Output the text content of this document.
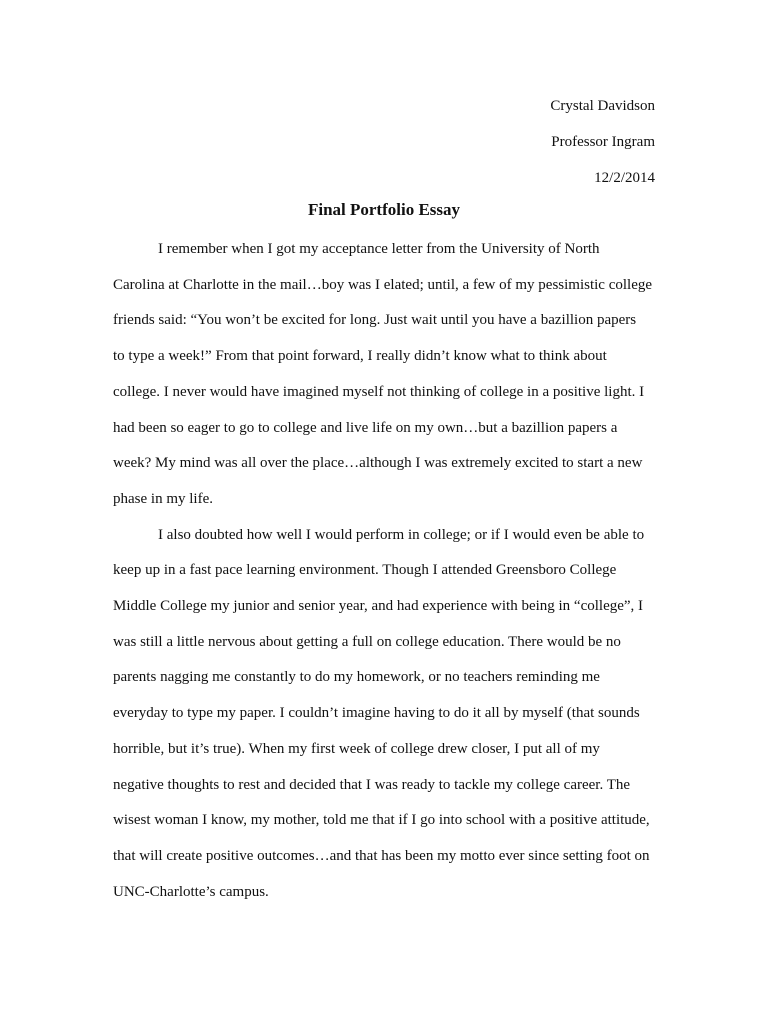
Crystal Davidson
Professor Ingram
12/2/2014
Final Portfolio Essay

I remember when I got my acceptance letter from the University of North
Carolina at Charlotte in the mail…boy was I elated; until, a few of my pessimistic college
friends said: “You won’t be excited for long. Just wait until you have a bazillion papers
to type a week!” From that point forward, I really didn’t know what to think about
college. I never would have imagined myself not thinking of college in a positive light. I
had been so eager to go to college and live life on my own…but a bazillion papers a
week? My mind was all over the place…although I was extremely excited to start a new
phase in my life.

I also doubted how well I would perform in college; or if I would even be able to
keep up in a fast pace learning environment. Though I attended Greensboro College
Middle College my junior and senior year, and had experience with being in “college”, I
was still a little nervous about getting a full on college education. There would be no
parents nagging me constantly to do my homework, or no teachers reminding me
everyday to type my paper. I couldn’t imagine having to do it all by myself (that sounds
horrible, but it’s true). When my first week of college drew closer, I put all of my
negative thoughts to rest and decided that I was ready to tackle my college career. The
wisest woman I know, my mother, told me that if I go into school with a positive attitude,
that will create positive outcomes…and that has been my motto ever since setting foot on
UNC-Charlotte’s campus.
